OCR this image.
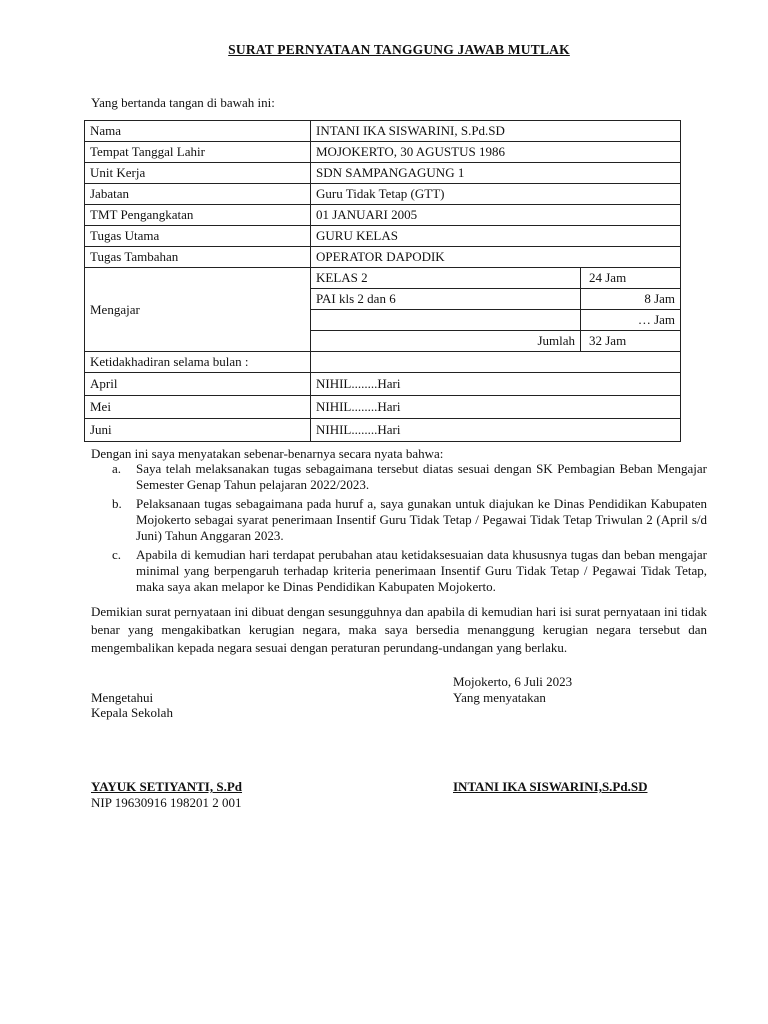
SURAT PERNYATAAN TANGGUNG JAWAB MUTLAK
Yang bertanda tangan di bawah ini:
Nama	INTANI IKA SISWARINI, S.Pd.SD	
Tempat Tanggal Lahir	MOJOKERTO, 30 AGUSTUS 1986	
Unit Kerja	SDN SAMPANGAGUNG 1	
Jabatan	Guru Tidak Tetap (GTT)	
TMT Pengangkatan	01 JANUARI 2005	
Tugas Utama	GURU KELAS	
Tugas Tambahan	OPERATOR DAPODIK	
Mengajar	KELAS 2	24 Jam
	PAI kls 2 dan 6	8 Jam
		… Jam
	Jumlah	32 Jam
Ketidakhadiran selama bulan :		
April	NIHIL........Hari	
Mei	NIHIL........Hari	
Juni	NIHIL........Hari	
Dengan ini saya menyatakan sebenar-benarnya secara nyata bahwa:
a.	Saya telah melaksanakan tugas sebagaimana tersebut diatas sesuai dengan SK Pembagian Beban Mengajar Semester Genap Tahun pelajaran 2022/2023.
b.	Pelaksanaan tugas sebagaimana pada huruf a, saya gunakan untuk diajukan ke Dinas Pendidikan Kabupaten Mojokerto sebagai syarat penerimaan Insentif Guru Tidak Tetap / Pegawai Tidak Tetap Triwulan 2 (April s/d Juni) Tahun Anggaran 2023.
c.	Apabila di kemudian hari terdapat perubahan atau ketidaksesuaian data khususnya tugas dan beban mengajar minimal yang berpengaruh terhadap kriteria penerimaan Insentif Guru Tidak Tetap / Pegawai Tidak Tetap, maka saya akan melapor ke Dinas Pendidikan Kabupaten Mojokerto.
Demikian surat pernyataan ini dibuat dengan sesungguhnya dan apabila di kemudian hari isi surat pernyataan ini tidak benar yang mengakibatkan kerugian negara, maka saya bersedia menanggung kerugian negara tersebut dan mengembalikan kepada negara sesuai dengan peraturan perundang-undangan yang berlaku.
Mojokerto, 6 Juli 2023
Yang menyatakan
Mengetahui
Kepala Sekolah
YAYUK SETIYANTI, S.Pd
NIP 19630916 198201 2 001
INTANI IKA SISWARINI,S.Pd.SD
